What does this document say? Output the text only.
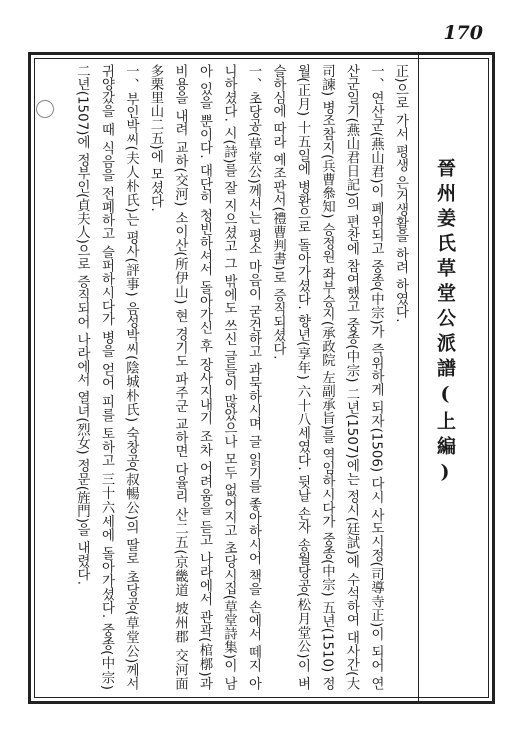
170
晉州姜氏草堂公派譜(上編)

正)으로 가서 평생 은거생활을 하려 하였다.

一、연산군(燕山君)이 폐위되고 중종(中宗)가 즉위하게 되자(1506) 다시 사도시정(司導寺正)이 되어 연산군일기(燕山君日記)의 편찬에 참여했고 중종(中宗) 二년(1507)에는 정시(廷試)에 수석하여 대사간(大司諫) 병조참지(兵曹叅知) 승정원 좌부승지(承政院 左副承旨)를 역임하시다가 중종(中宗) 五년(1510) 정월(正月) 十五일에 병환으로 돌아가셨다. 향년(享年) 六十八세였다. 뒷날 손자 송월당공(松月堂公)이 벼슬하심에 따라 예조판서(禮曹判書)로 증직되셨다.

一、초당공(草堂公)께서는 평소 마음이 굳건하고 과묵하시며 글 읽기를 좋아하시어 책을 손에서 떼지 아니하셨다. 시(詩)를 잘 지으셨고 그 밖에도 쓰신 글들이 많았으나 모두 없어지고 초당시집(草堂詩集)이 남아 있을 뿐이다. 대단히 청빈하셔서 돌아가신 후 장사지내기 조차 어려움을 듣고 나라에서 관곽(棺槨)과 비용을 내려 교하(交河) 소이산(所伊山) 현 경기도 파주군 교하면 다율리 산二五(京畿道 坡州郡 交河面 多栗里山二五)에 모셨다.

一、부인박씨(夫人朴氏)는 평사(評事) 음성박씨(陰城朴氏) 숙창공(叔暢公)의 딸로 초당공(草堂公)께서 귀양갔을 때 식음을 전폐하고 슬퍼하시다가 병을 얻어 피를 토하고 三十六세에 돌아가셨다. 중종(中宗) 二년(1507)에 정부인(貞夫人)으로 증직되어 나라에서 열녀(烈女) 정문(旌門)을 내렸다.
